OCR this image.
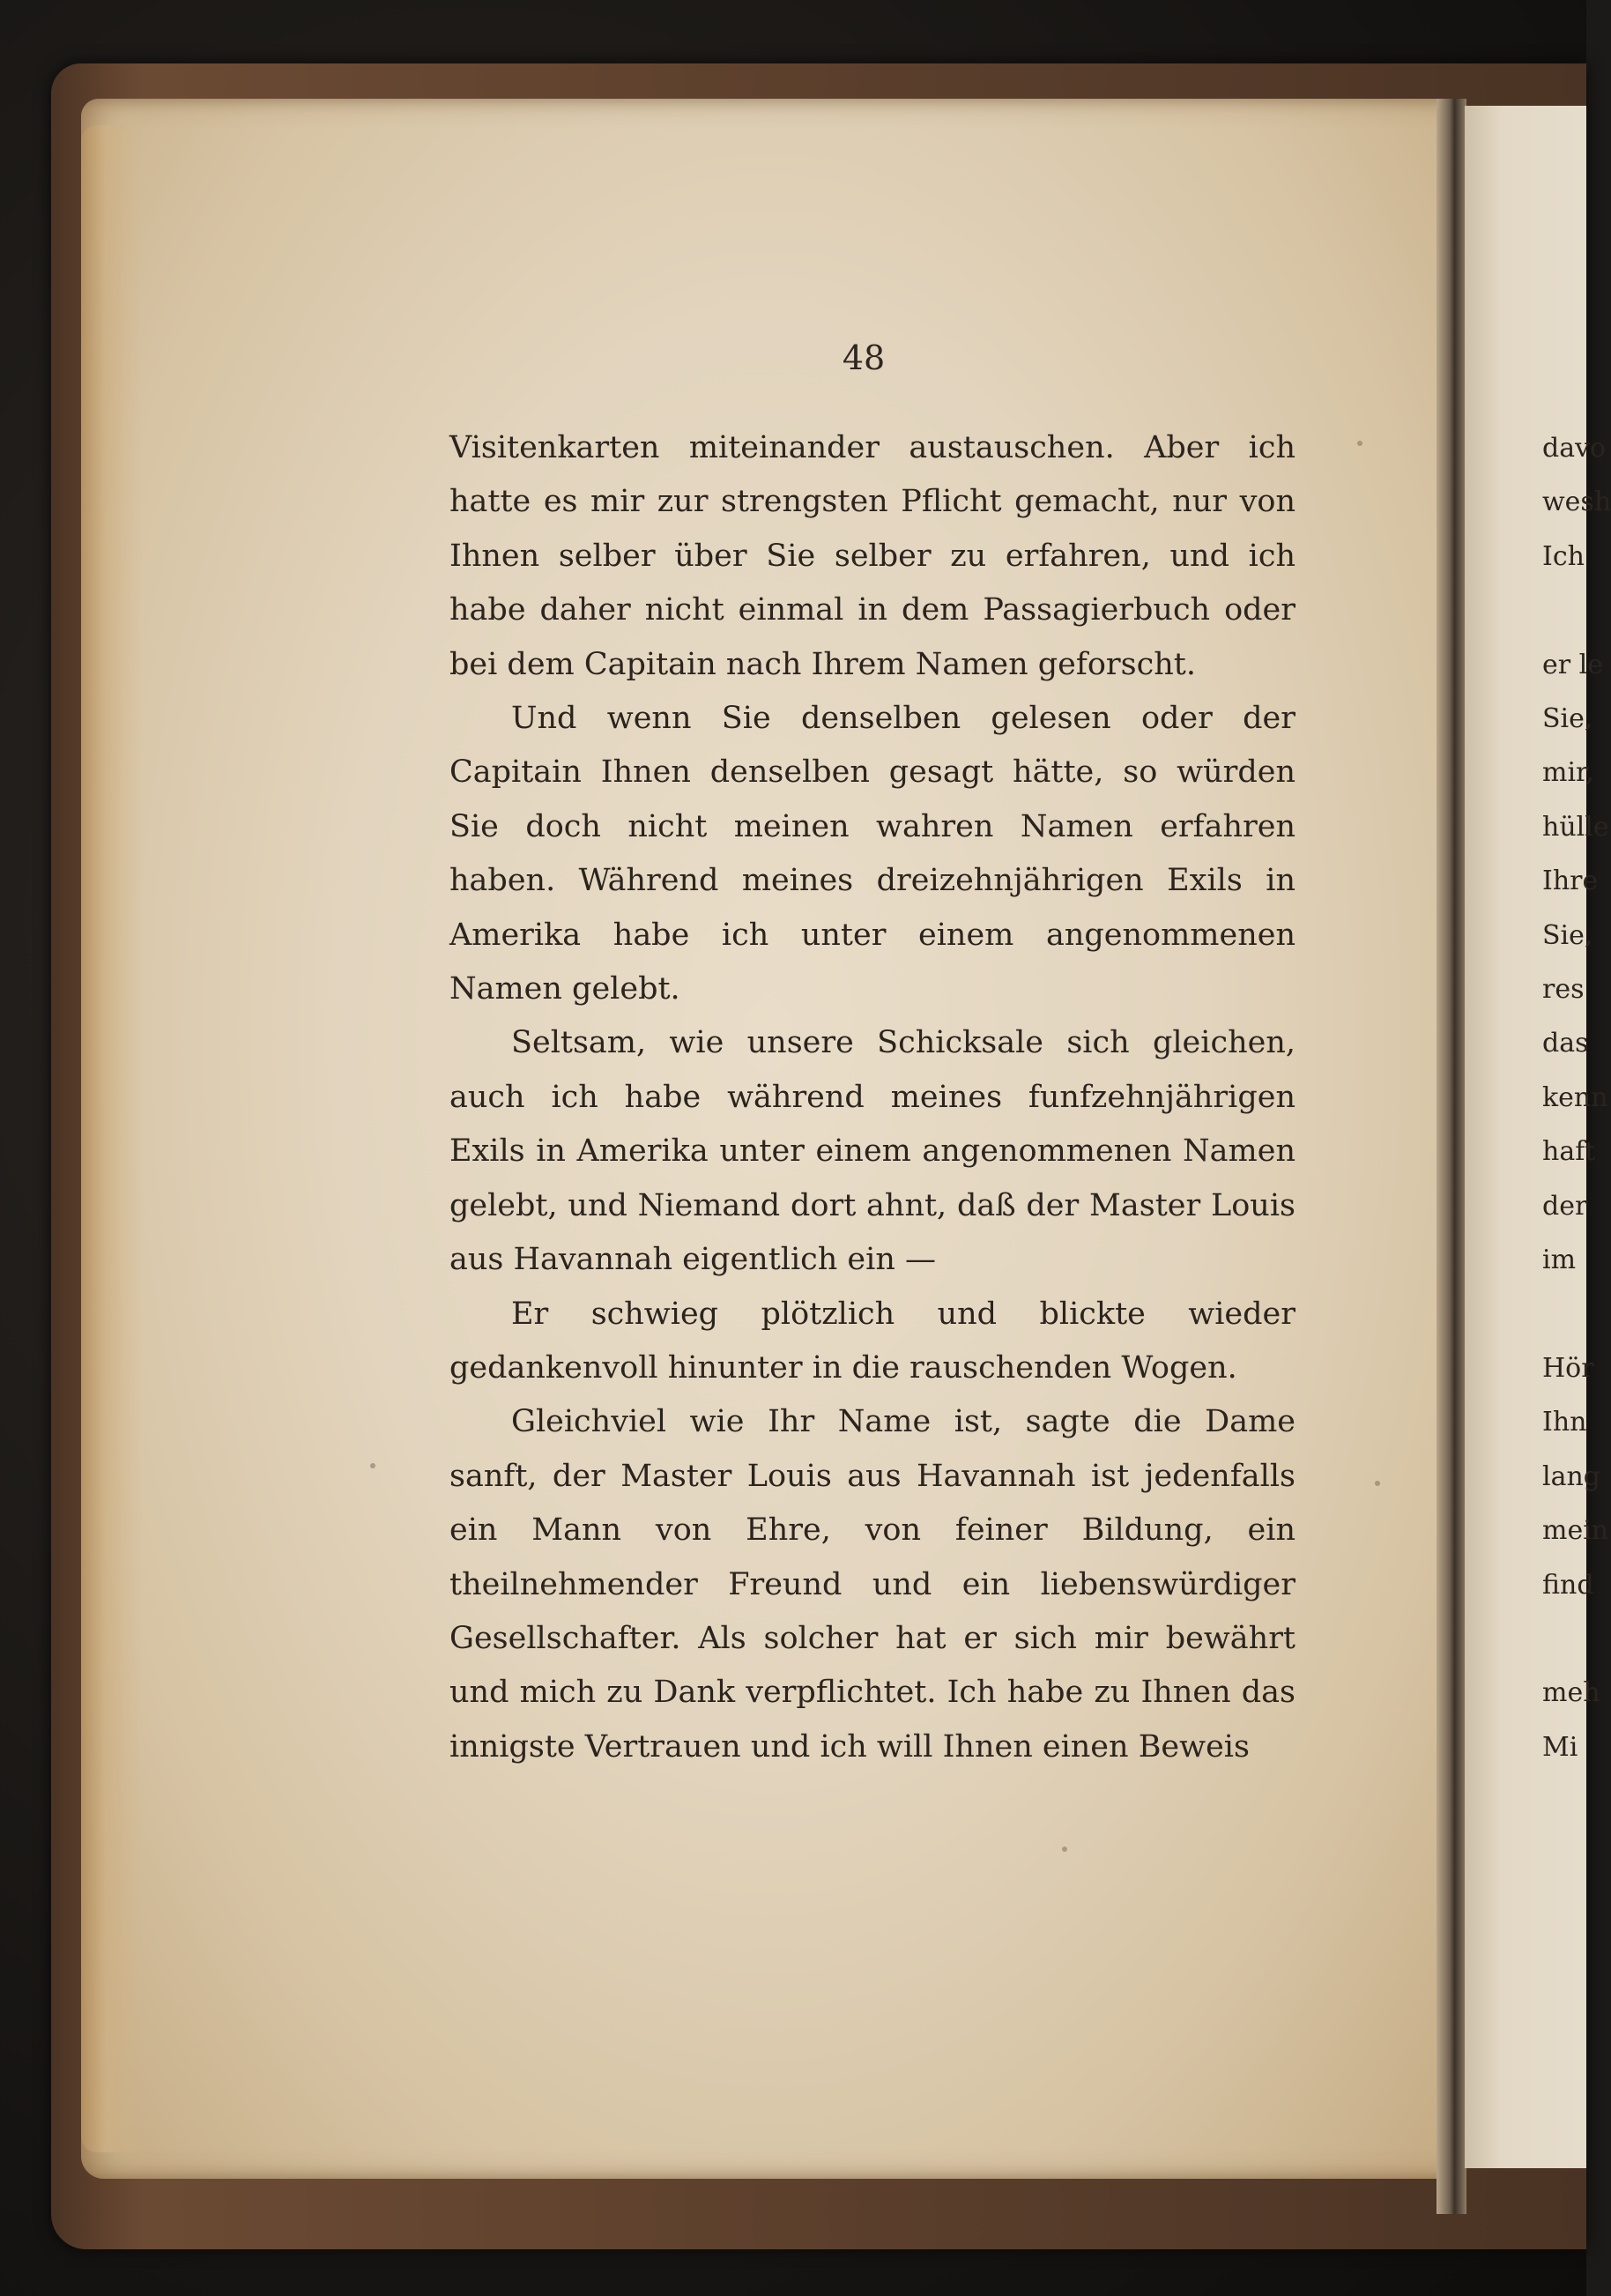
48

Visitenkarten miteinander austauschen. Aber ich hatte es mir zur strengsten Pflicht gemacht, nur von Ihnen selber über Sie selber zu erfahren, und ich habe daher nicht einmal in dem Passagierbuch oder bei dem Capitain nach Ihrem Namen geforscht.

Und wenn Sie denselben gelesen oder der Capitain Ihnen denselben gesagt hätte, so würden Sie doch nicht meinen wahren Namen erfahren haben. Während meines dreizehnjährigen Exils in Amerika habe ich unter einem angenommenen Namen gelebt.

Seltsam, wie unsere Schicksale sich gleichen, auch ich habe während meines funfzehnjährigen Exils in Amerika unter einem angenommenen Namen gelebt, und Niemand dort ahnt, daß der Master Louis aus Havannah eigentlich ein —

Er schwieg plötzlich und blickte wieder gedankenvoll hinunter in die rauschenden Wogen.

Gleichviel wie Ihr Name ist, sagte die Dame sanft, der Master Louis aus Havannah ist jedenfalls ein Mann von Ehre, von feiner Bildung, ein theilnehmender Freund und ein liebenswürdiger Gesellschafter. Als solcher hat er sich mir bewährt und mich zu Dank verpflichtet. Ich habe zu Ihnen das innigste Vertrauen und ich will Ihnen einen Beweis

davo
wesh
Ich
er le
Sie,
mir,
hülle
Ihre
Sie,
res
das
kenn
haft
der
im
Hör
Ihn
lang
mein
find
meh
Mi
